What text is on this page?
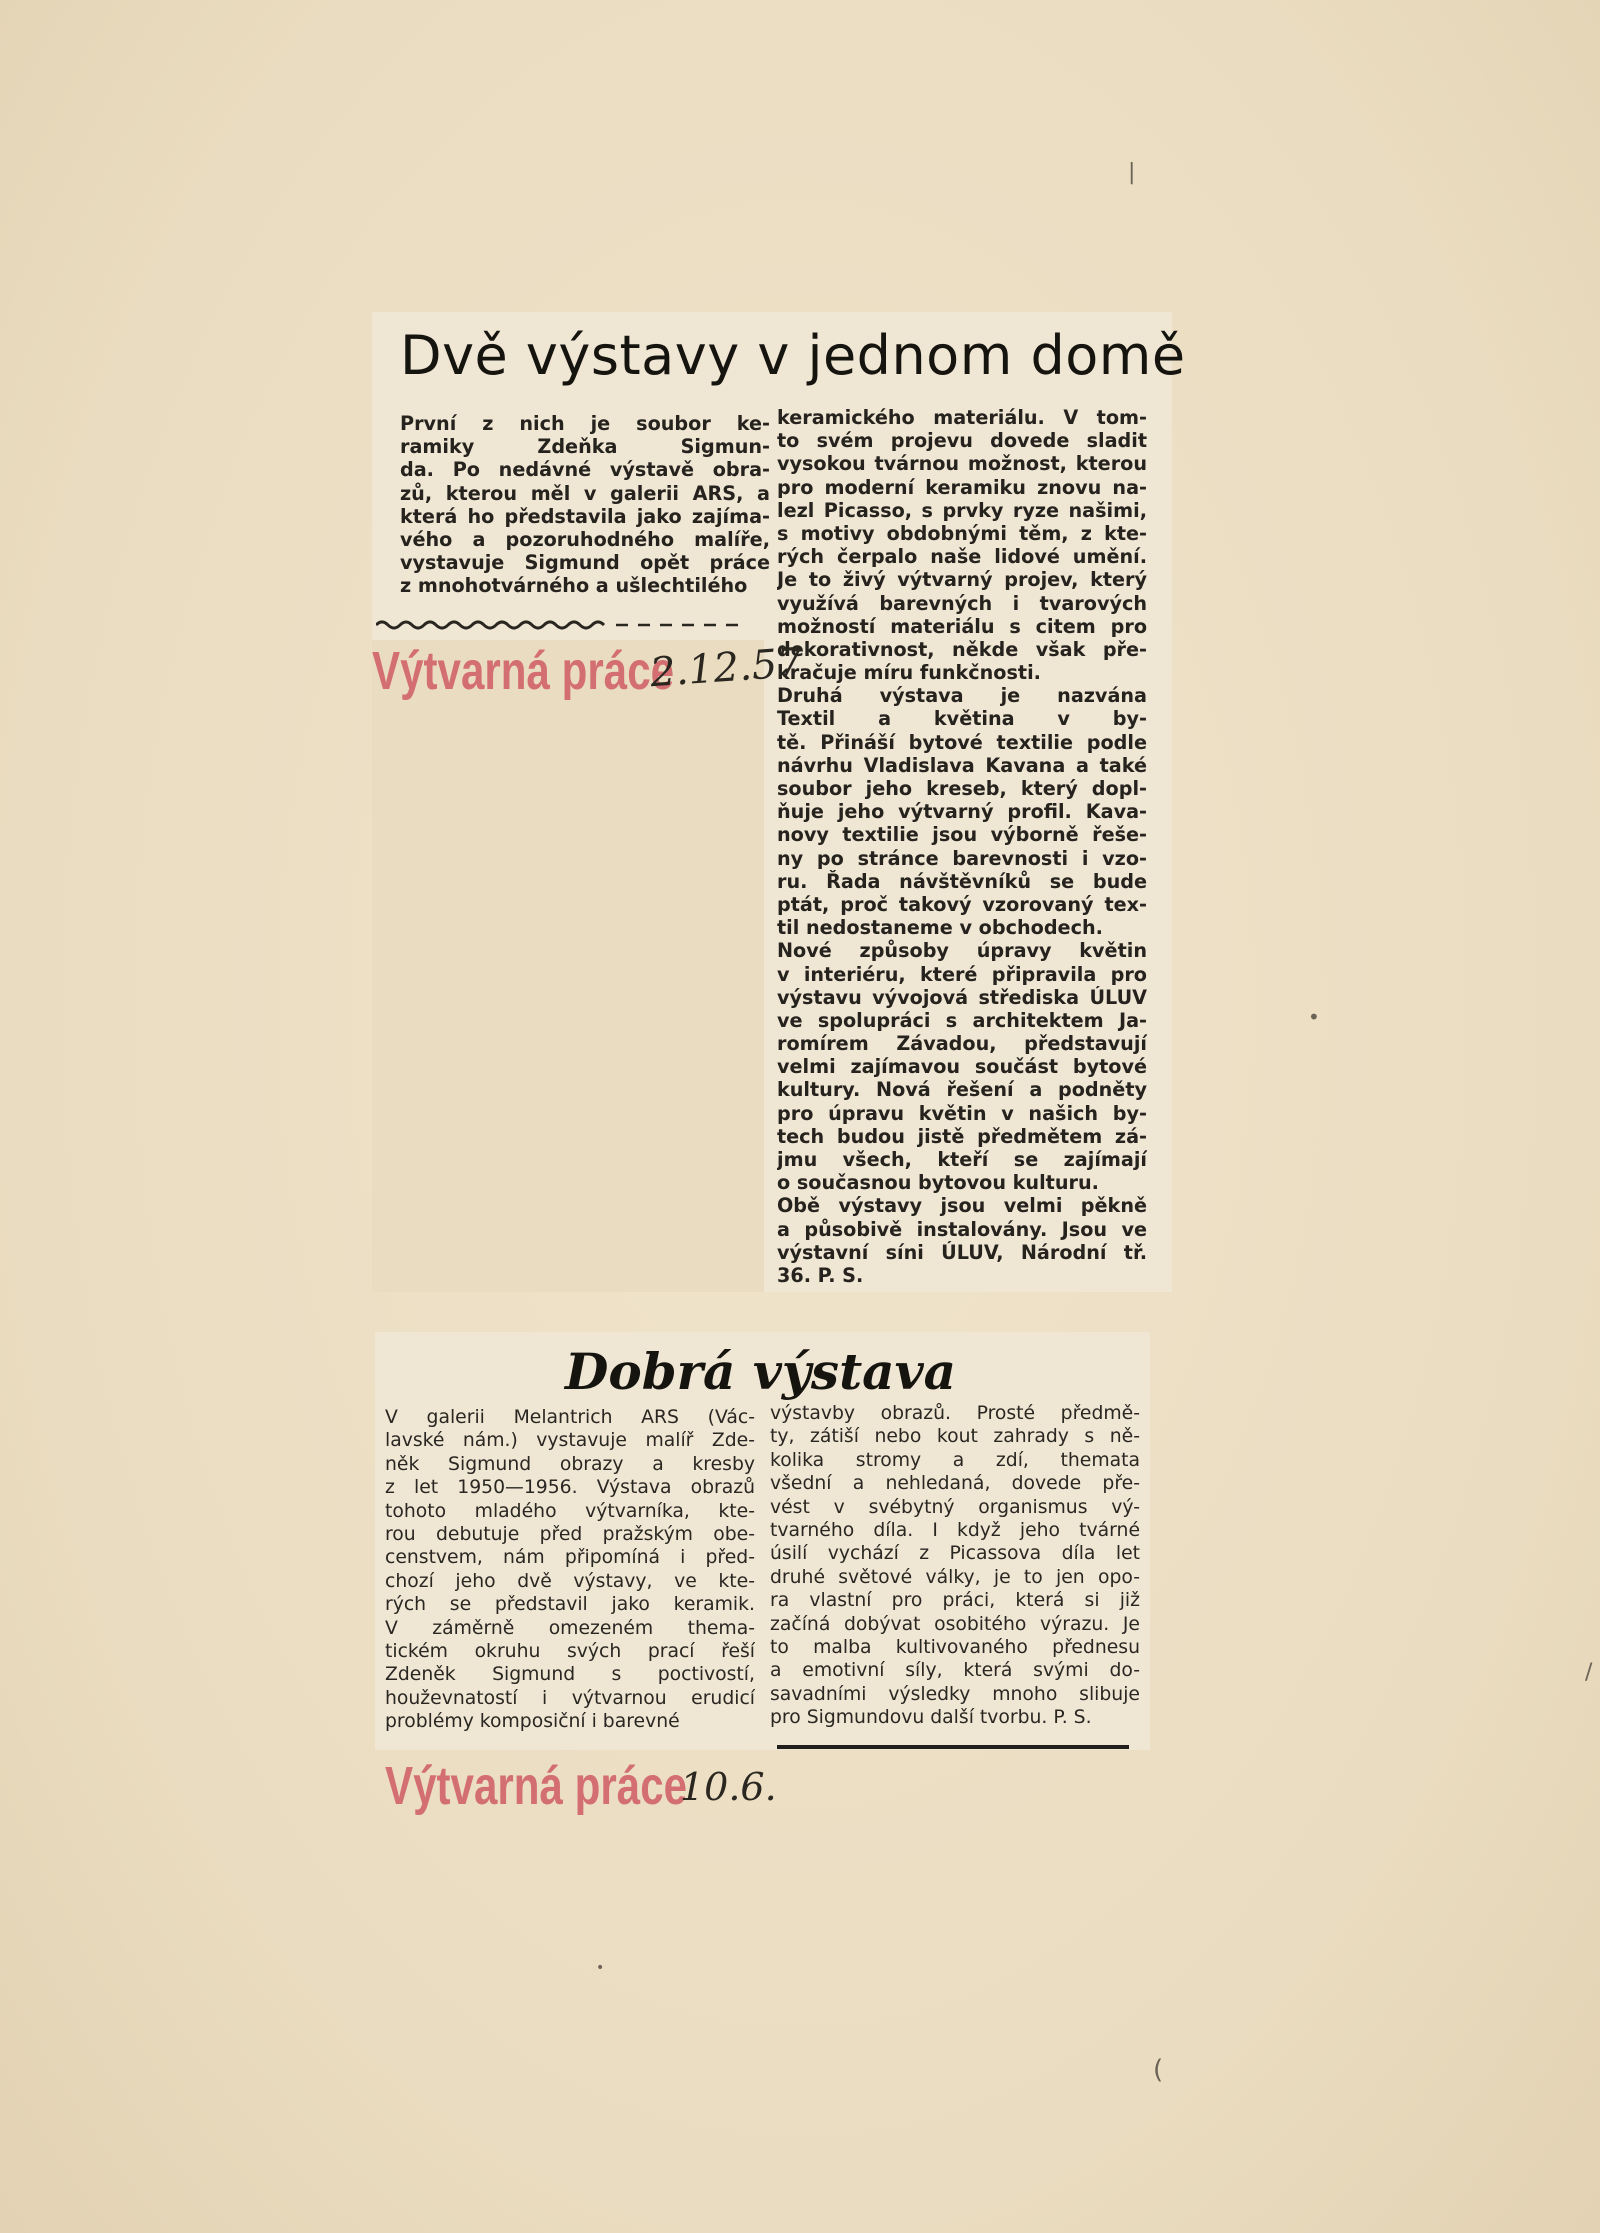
Dvě výstavy v jednom domě
První z nich je soubor ke-
ramiky Zdeňka Sigmun-
da. Po nedávné výstavě obra-
zů, kterou měl v galerii ARS, a
která ho představila jako zajíma-
vého a pozoruhodného malíře,
vystavuje Sigmund opět práce
z mnohotvárného a ušlechtilého
keramického materiálu. V tom-
to svém projevu dovede sladit
vysokou tvárnou možnost, kterou
pro moderní keramiku znovu na-
lezl Picasso, s prvky ryze našimi,
s motivy obdobnými těm, z kte-
rých čerpalo naše lidové umění.
Je to živý výtvarný projev, který
využívá barevných i tvarových
možností materiálu s citem pro
dekorativnost, někde však pře-
kračuje míru funkčnosti.
Druhá výstava je nazvána
Textil a květina v by-
tě. Přináší bytové textilie podle
návrhu Vladislava Kavana a také
soubor jeho kreseb, který dopl-
ňuje jeho výtvarný profil. Kava-
novy textilie jsou výborně řeše-
ny po stránce barevnosti i vzo-
ru. Řada návštěvníků se bude
ptát, proč takový vzorovaný tex-
til nedostaneme v obchodech.
Nové způsoby úpravy květin
v interiéru, které připravila pro
výstavu vývojová střediska ÚLUV
ve spolupráci s architektem Ja-
romírem Závadou, představují
velmi zajímavou součást bytové
kultury. Nová řešení a podněty
pro úpravu květin v našich by-
tech budou jistě předmětem zá-
jmu všech, kteří se zajímají
o současnou bytovou kulturu.
Obě výstavy jsou velmi pěkně
a působivě instalovány. Jsou ve
výstavní síni ÚLUV, Národní tř.
36. P. S.
Výtvarná práce
2.12.57
Dobrá výstava
V galerii Melantrich ARS (Vác-
lavské nám.) vystavuje malíř Zde-
něk Sigmund obrazy a kresby
z let 1950—1956. Výstava obrazů
tohoto mladého výtvarníka, kte-
rou debutuje před pražským obe-
censtvem, nám připomíná i před-
chozí jeho dvě výstavy, ve kte-
rých se představil jako keramik.
V záměrně omezeném thema-
tickém okruhu svých prací řeší
Zdeněk Sigmund s poctivostí,
houževnatostí i výtvarnou erudicí
problémy komposiční i barevné
výstavby obrazů. Prosté předmě-
ty, zátiší nebo kout zahrady s ně-
kolika stromy a zdí, themata
všední a nehledaná, dovede pře-
vést v svébytný organismus vý-
tvarného díla. I když jeho tvárné
úsilí vychází z Picassova díla let
druhé světové války, je to jen opo-
ra vlastní pro práci, která si již
začíná dobývat osobitého výrazu. Je
to malba kultivovaného přednesu
a emotivní síly, která svými do-
savadními výsledky mnoho slibuje
pro Sigmundovu další tvorbu. P. S.
Výtvarná práce
10.6.
|
•
/
(
•
